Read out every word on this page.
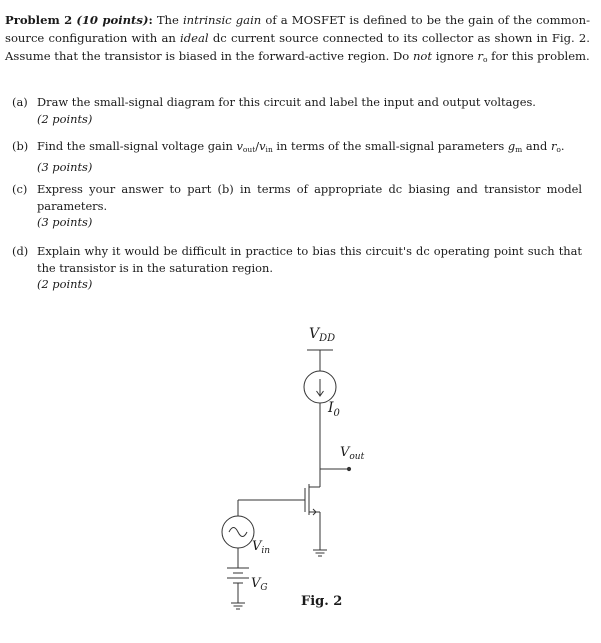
Problem 2 (10 points): The intrinsic gain of a MOSFET is defined to be the gain of the common-source configuration with an ideal dc current source connected to its collector as shown in Fig. 2. Assume that the transistor is biased in the forward-active region. Do not ignore $r_o$ for this problem.
(a) Draw the small-signal diagram for this circuit and label the input and output voltages.
(2 points)
(b) Find the small-signal voltage gain $v_{out}/v_{in}$ in terms of the small-signal parameters $g_m$ and $r_o$.
(3 points)
(c) Express your answer to part (b) in terms of appropriate dc biasing and transistor model parameters.
(3 points)
(d) Explain why it would be difficult in practice to bias this circuit's dc operating point such that the transistor is in the saturation region.
(2 points)
$V_{DD}$
$I_0$
$V_{out}$
$V_{in}$
$V_G$
Fig. 2
